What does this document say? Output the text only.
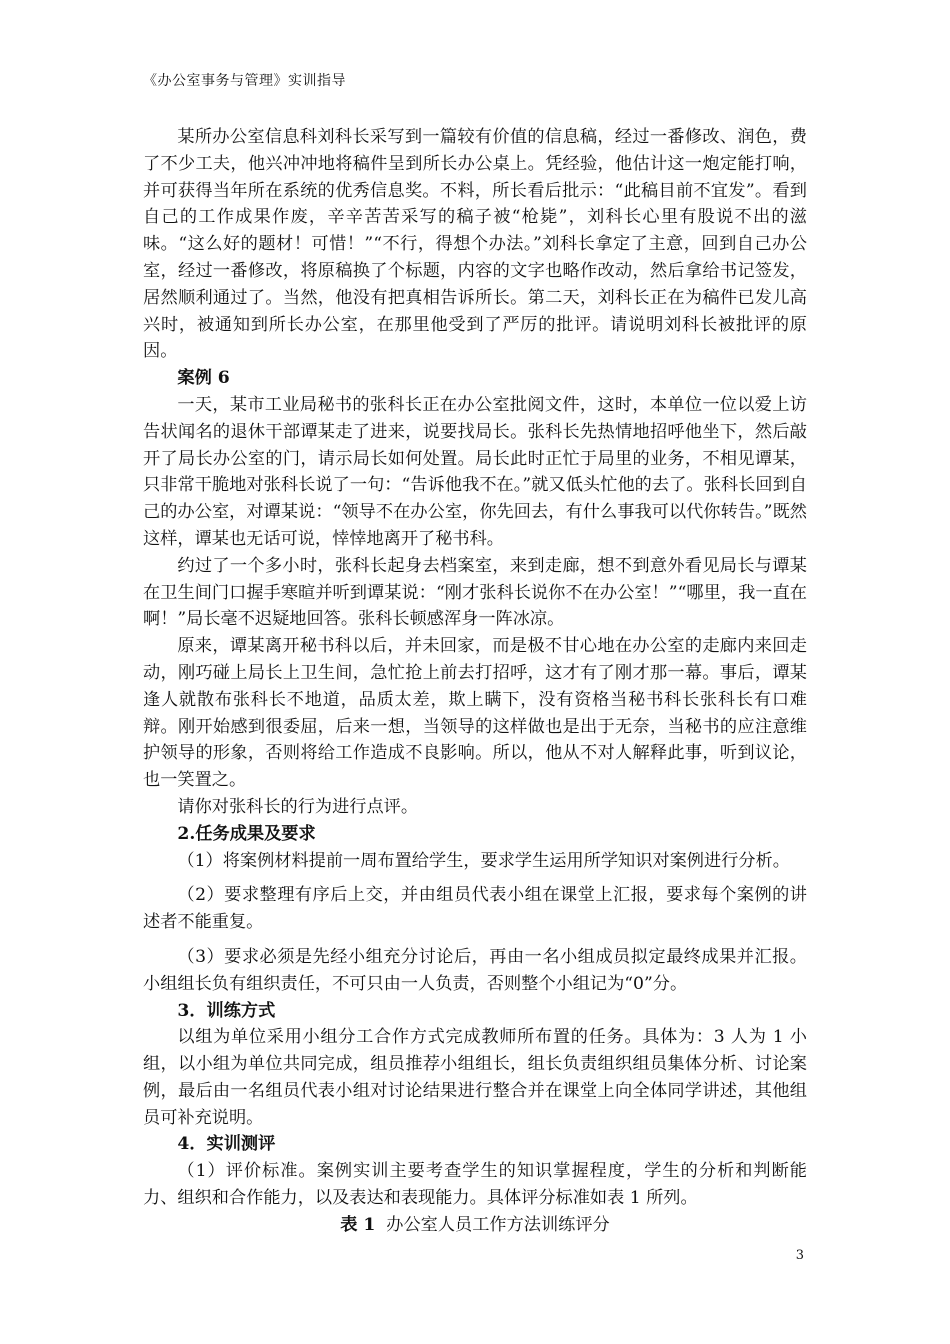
《办公室事务与管理》实训指导

某所办公室信息科刘科长采写到一篇较有价值的信息稿，经过一番修改、润色，费了不少工夫，他兴冲冲地将稿件呈到所长办公桌上。凭经验，他估计这一炮定能打响，并可获得当年所在系统的优秀信息奖。不料，所长看后批示：“此稿目前不宜发”。看到自己的工作成果作废，辛辛苦苦采写的稿子被“枪毙”，刘科长心里有股说不出的滋味。“这么好的题材！可惜！”“不行，得想个办法。”刘科长拿定了主意，回到自己办公室，经过一番修改，将原稿换了个标题，内容的文字也略作改动，然后拿给书记签发，居然顺利通过了。当然，他没有把真相告诉所长。第二天，刘科长正在为稿件已发儿高兴时，被通知到所长办公室，在那里他受到了严厉的批评。请说明刘科长被批评的原因。

案例 6

一天，某市工业局秘书的张科长正在办公室批阅文件，这时，本单位一位以爱上访告状闻名的退休干部谭某走了进来，说要找局长。张科长先热情地招呼他坐下，然后敲开了局长办公室的门，请示局长如何处置。局长此时正忙于局里的业务，不相见谭某，只非常干脆地对张科长说了一句：“告诉他我不在。”就又低头忙他的去了。张科长回到自己的办公室，对谭某说：“领导不在办公室，你先回去，有什么事我可以代你转告。”既然这样，谭某也无话可说，悻悻地离开了秘书科。

约过了一个多小时，张科长起身去档案室，来到走廊，想不到意外看见局长与谭某在卫生间门口握手寒暄并听到谭某说：“刚才张科长说你不在办公室！”“哪里，我一直在啊！”局长毫不迟疑地回答。张科长顿感浑身一阵冰凉。

原来，谭某离开秘书科以后，并未回家，而是极不甘心地在办公室的走廊内来回走动，刚巧碰上局长上卫生间，急忙抢上前去打招呼，这才有了刚才那一幕。事后，谭某逢人就散布张科长不地道，品质太差，欺上瞒下，没有资格当秘书科长张科长有口难辩。刚开始感到很委屈，后来一想，当领导的这样做也是出于无奈，当秘书的应注意维护领导的形象，否则将给工作造成不良影响。所以，他从不对人解释此事，听到议论，也一笑置之。

请你对张科长的行为进行点评。

2.任务成果及要求

（1）将案例材料提前一周布置给学生，要求学生运用所学知识对案例进行分析。

（2）要求整理有序后上交，并由组员代表小组在课堂上汇报，要求每个案例的讲述者不能重复。

（3）要求必须是先经小组充分讨论后，再由一名小组成员拟定最终成果并汇报。小组组长负有组织责任，不可只由一人负责，否则整个小组记为“0”分。

3．训练方式

以组为单位采用小组分工合作方式完成教师所布置的任务。具体为：3 人为 1 小组，以小组为单位共同完成，组员推荐小组组长，组长负责组织组员集体分析、讨论案例，最后由一名组员代表小组对讨论结果进行整合并在课堂上向全体同学讲述，其他组员可补充说明。

4．实训测评

（1）评价标准。案例实训主要考查学生的知识掌握程度，学生的分析和判断能力、组织和合作能力，以及表达和表现能力。具体评分标准如表 1 所列。

表 1  办公室人员工作方法训练评分

3
